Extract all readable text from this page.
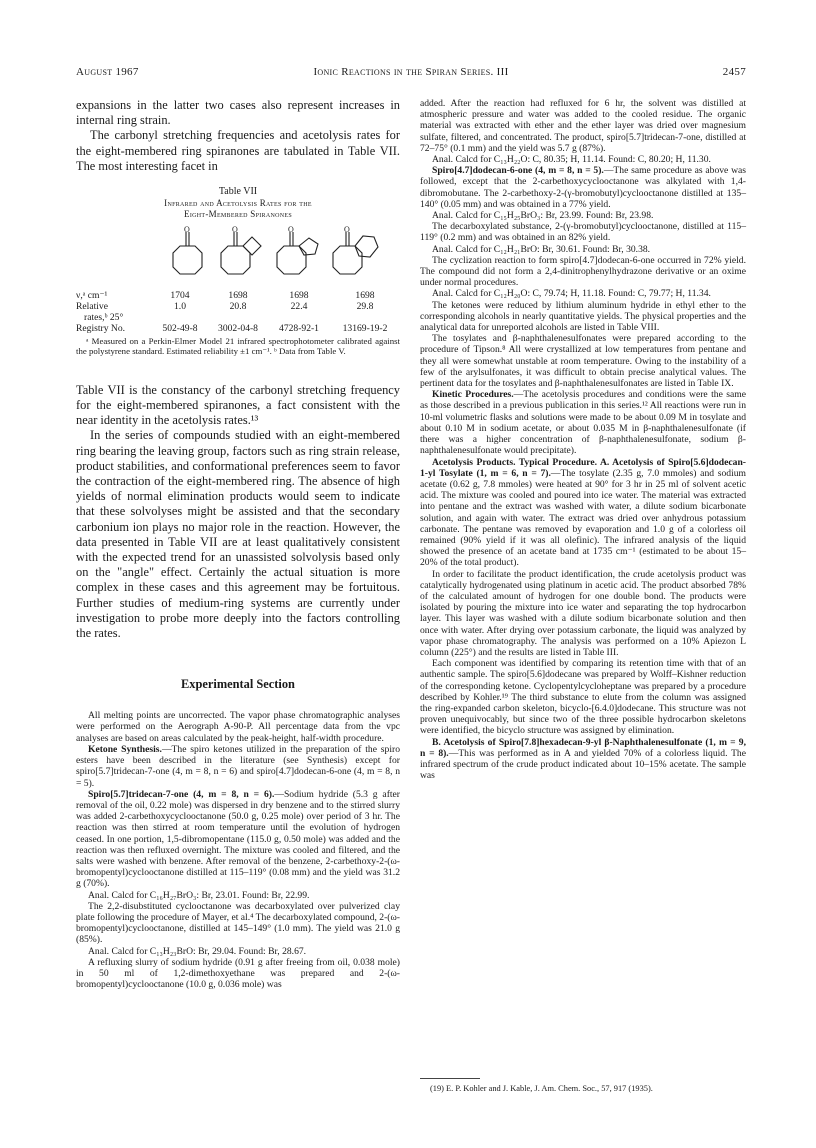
August 1967	Ionic Reactions in the Spiran Series. III	2457

expansions in the latter two cases also represent increases in internal ring strain.

The carbonyl stretching frequencies and acetolysis rates for the eight-membered ring spiranones are tabulated in Table VII. The most interesting facet in

Table VII
Infrared and Acetolysis Rates for the
Eight-Membered Spiranones
O	O	O	O
ν,ᵃ cm⁻¹	1704	1698	1698	1698
Relative	1.0	20.8	22.4	29.8
rates,ᵇ 25°				
Registry No.	502-49-8	3002-04-8	4728-92-1	13169-19-2

ᵃ Measured on a Perkin-Elmer Model 21 infrared spectrophotometer calibrated against the polystyrene standard. Estimated reliability ±1 cm⁻¹. ᵇ Data from Table V.

Table VII is the constancy of the carbonyl stretching frequency for the eight-membered spiranones, a fact consistent with the near identity in the acetolysis rates.¹³

In the series of compounds studied with an eight-membered ring bearing the leaving group, factors such as ring strain release, product stabilities, and conformational preferences seem to favor the contraction of the eight-membered ring. The absence of high yields of normal elimination products would seem to indicate that these solvolyses might be assisted and that the secondary carbonium ion plays no major role in the reaction. However, the data presented in Table VII are at least qualitatively consistent with the expected trend for an unassisted solvolysis based only on the "angle" effect. Certainly the actual situation is more complex in these cases and this agreement may be fortuitous. Further studies of medium-ring systems are currently under investigation to probe more deeply into the factors controlling the rates.

Experimental Section

All melting points are uncorrected. The vapor phase chromatographic analyses were performed on the Aerograph A-90-P. All percentage data from the vpc analyses are based on areas calculated by the peak-height, half-width procedure.

Ketone Synthesis.—The spiro ketones utilized in the preparation of the spiro esters have been described in the literature (see Synthesis) except for spiro[5.7]tridecan-7-one (4, m = 8, n = 6) and spiro[4.7]dodecan-6-one (4, m = 8, n = 5).

Spiro[5.7]tridecan-7-one (4, m = 8, n = 6).—Sodium hydride (5.3 g after removal of the oil, 0.22 mole) was dispersed in dry benzene and to the stirred slurry was added 2-carbethoxycyclooctanone (50.0 g, 0.25 mole) over period of 3 hr. The reaction was then stirred at room temperature until the evolution of hydrogen ceased. In one portion, 1,5-dibromopentane (115.0 g, 0.50 mole) was added and the reaction was then refluxed overnight. The mixture was cooled and filtered, and the salts were washed with benzene. After removal of the benzene, 2-carbethoxy-2-(ω-bromopentyl)cyclooctanone distilled at 115–119° (0.08 mm) and the yield was 31.2 g (70%).

Anal. Calcd for C₁₆H₂₇BrO₃: Br, 23.01. Found: Br, 22.99.

The 2,2-disubstituted cyclooctanone was decarboxylated over pulverized clay plate following the procedure of Mayer, et al.⁴ The decarboxylated compound, 2-(ω-bromopentyl)cyclooctanone, distilled at 145–149° (1.0 mm). The yield was 21.0 g (85%).

Anal. Calcd for C₁₃H₂₃BrO: Br, 29.04. Found: Br, 28.67.

A refluxing slurry of sodium hydride (0.91 g after freeing from oil, 0.038 mole) in 50 ml of 1,2-dimethoxyethane was prepared and 2-(ω-bromopentyl)cyclooctanone (10.0 g, 0.036 mole) was

added. After the reaction had refluxed for 6 hr, the solvent was distilled at atmospheric pressure and water was added to the cooled residue. The organic material was extracted with ether and the ether layer was dried over magnesium sulfate, filtered, and concentrated. The product, spiro[5.7]tridecan-7-one, distilled at 72–75° (0.1 mm) and the yield was 5.7 g (87%).

Anal. Calcd for C₁₃H₂₂O: C, 80.35; H, 11.14. Found: C, 80.20; H, 11.30.

Spiro[4.7]dodecan-6-one (4, m = 8, n = 5).—The same procedure as above was followed, except that the 2-carbethoxycyclooctanone was alkylated with 1,4-dibromobutane. The 2-carbethoxy-2-(γ-bromobutyl)cyclooctanone distilled at 135–140° (0.05 mm) and was obtained in a 77% yield.

Anal. Calcd for C₁₅H₂₅BrO₃: Br, 23.99. Found: Br, 23.98.

The decarboxylated substance, 2-(γ-bromobutyl)cyclooctanone, distilled at 115–119° (0.2 mm) and was obtained in an 82% yield.

Anal. Calcd for C₁₂H₂₁BrO: Br, 30.61. Found: Br, 30.38.

The cyclization reaction to form spiro[4.7]dodecan-6-one occurred in 72% yield. The compound did not form a 2,4-dinitrophenylhydrazone derivative or an oxime under normal procedures.

Anal. Calcd for C₁₂H₂₀O: C, 79.74; H, 11.18. Found: C, 79.77; H, 11.34.

The ketones were reduced by lithium aluminum hydride in ethyl ether to the corresponding alcohols in nearly quantitative yields. The physical properties and the analytical data for unreported alcohols are listed in Table VIII.

The tosylates and β-naphthalenesulfonates were prepared according to the procedure of Tipson.⁸ All were crystallized at low temperatures from pentane and they all were somewhat unstable at room temperature. Owing to the instability of a few of the arylsulfonates, it was difficult to obtain precise analytical values. The pertinent data for the tosylates and β-naphthalenesulfonates are listed in Table IX.

Kinetic Procedures.—The acetolysis procedures and conditions were the same as those described in a previous publication in this series.¹² All reactions were run in 10-ml volumetric flasks and solutions were made to be about 0.09 M in tosylate and about 0.10 M in sodium acetate, or about 0.035 M in β-naphthalenesulfonate (if there was a higher concentration of β-naphthalenesulfonate, sodium β-naphthalenesulfonate would precipitate).

Acetolysis Products. Typical Procedure. A. Acetolysis of Spiro[5.6]dodecan-1-yl Tosylate (1, m = 6, n = 7).—The tosylate (2.35 g, 7.0 mmoles) and sodium acetate (0.62 g, 7.8 mmoles) were heated at 90° for 3 hr in 25 ml of solvent acetic acid. The mixture was cooled and poured into ice water. The material was extracted into pentane and the extract was washed with water, a dilute sodium bicarbonate solution, and again with water. The extract was dried over anhydrous potassium carbonate. The pentane was removed by evaporation and 1.0 g of a colorless oil remained (90% yield if it was all olefinic). The infrared analysis of the liquid showed the presence of an acetate band at 1735 cm⁻¹ (estimated to be about 15–20% of the total product).

In order to facilitate the product identification, the crude acetolysis product was catalytically hydrogenated using platinum in acetic acid. The product absorbed 78% of the calculated amount of hydrogen for one double bond. The products were isolated by pouring the mixture into ice water and separating the top hydrocarbon layer. This layer was washed with a dilute sodium bicarbonate solution and then once with water. After drying over potassium carbonate, the liquid was analyzed by vapor phase chromatography. The analysis was performed on a 10% Apiezon L column (225°) and the results are listed in Table III.

Each component was identified by comparing its retention time with that of an authentic sample. The spiro[5.6]dodecane was prepared by Wolff–Kishner reduction of the corresponding ketone. Cyclopentylcycloheptane was prepared by a procedure described by Kohler.¹⁹ The third substance to elute from the column was assigned the ring-expanded carbon skeleton, bicyclo-[6.4.0]dodecane. This structure was not proven unequivocably, but since two of the three possible hydrocarbon skeletons were identified, the bicyclo structure was assigned by elimination.

B. Acetolysis of Spiro[7.8]hexadecan-9-yl β-Naphthalenesulfonate (1, m = 9, n = 8).—This was performed as in A and yielded 70% of a colorless liquid. The infrared spectrum of the crude product indicated about 10–15% acetate. The sample was

(19) E. P. Kohler and J. Kable, J. Am. Chem. Soc., 57, 917 (1935).
